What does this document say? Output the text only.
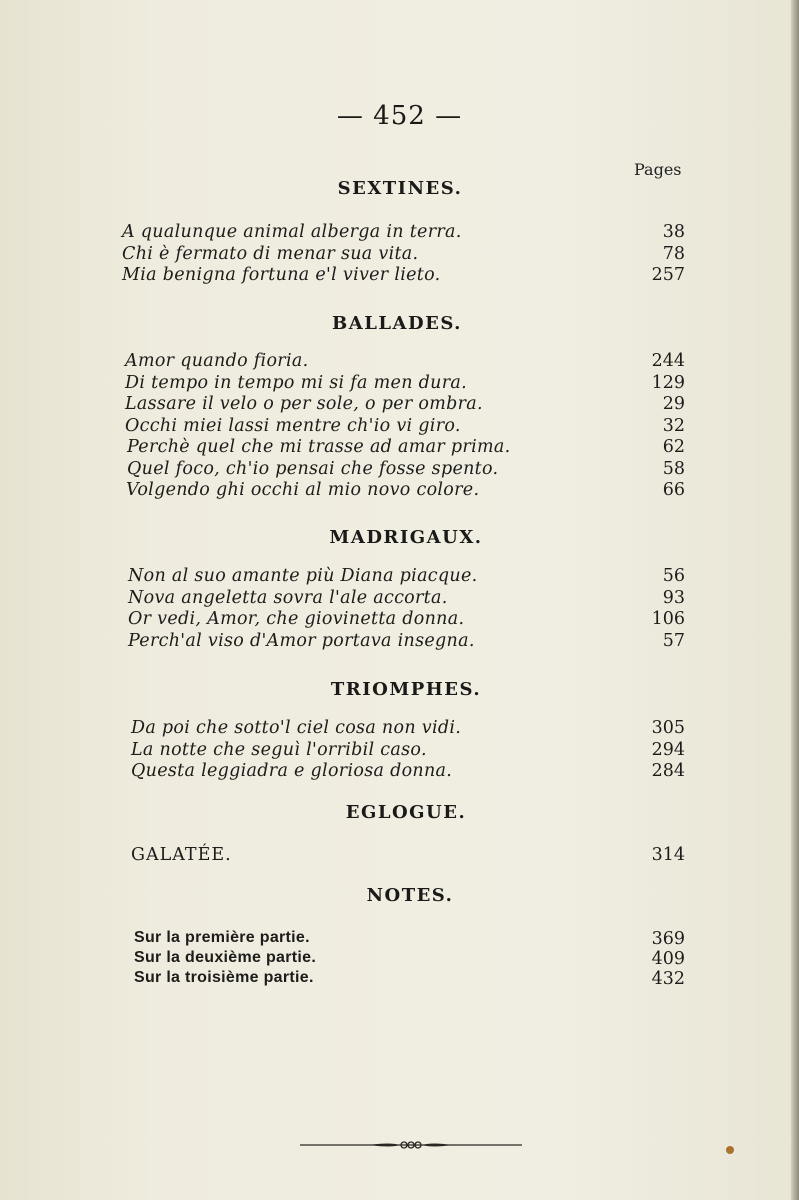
— 452 —
Pages
SEXTINES.
A qualunque animal alberga in terra.	38
Chi è fermato di menar sua vita.	78
Mia benigna fortuna e'l viver lieto.	257
BALLADES.
Amor quando fioria.	244
Di tempo in tempo mi si fa men dura.	129
Lassare il velo o per sole, o per ombra.	29
Occhi miei lassi mentre ch'io vi giro.	32
Perchè quel che mi trasse ad amar prima.	62
Quel foco, ch'io pensai che fosse spento.	58
Volgendo ghi occhi al mio novo colore.	66
MADRIGAUX.
Non al suo amante più Diana piacque.	56
Nova angeletta sovra l'ale accorta.	93
Or vedi, Amor, che giovinetta donna.	106
Perch'al viso d'Amor portava insegna.	57
TRIOMPHES.
Da poi che sotto'l ciel cosa non vidi.	305
La notte che seguì l'orribil caso.	294
Questa leggiadra e gloriosa donna.	284
EGLOGUE.
GALATÉE.	314
NOTES.
Sur la première partie.	369
Sur la deuxième partie.	409
Sur la troisième partie.	432
